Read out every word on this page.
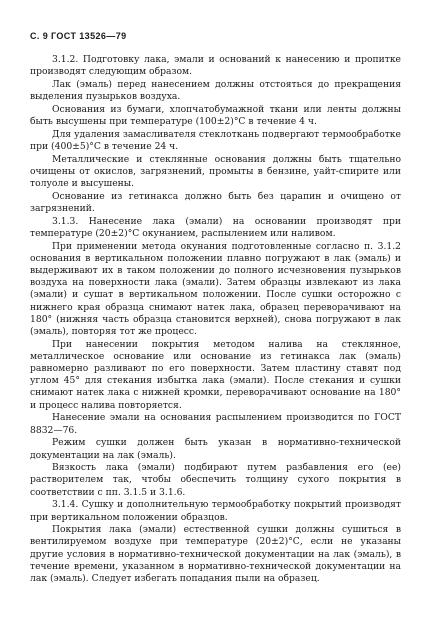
С. 9 ГОСТ 13526—79

3.1.2. Подготовку лака, эмали и оснований к нанесению и пропитке производят следующим образом.

Лак (эмаль) перед нанесением должны отстояться до прекращения выделения пузырьков воздуха.

Основания из бумаги, хлопчатобумажной ткани или ленты должны быть высушены при температуре (100±2)°С в течение 4 ч.

Для удаления замасливателя стеклоткань подвергают термообработке при (400±5)°С в течение 24 ч.

Металлические и стеклянные основания должны быть тщательно очищены от окислов, загрязнений, промыты в бензине, уайт-спирите или толуоле и высушены.

Основание из гетинакса должно быть без царапин и очищено от загрязнений.

3.1.3. Нанесение лака (эмали) на основании производят при температуре (20±2)°С окунанием, распылением или наливом.

При применении метода окунания подготовленные согласно п. 3.1.2 основания в вертикальном положении плавно погружают в лак (эмаль) и выдерживают их в таком положении до полного исчезновения пузырьков воздуха на поверхности лака (эмали). Затем образцы извлекают из лака (эмали) и сушат в вертикальном положении. После сушки осторожно с нижнего края образца снимают натек лака, образец переворачивают на 180° (нижняя часть образца становится верхней), снова погружают в лак (эмаль), повторяя тот же процесс.

При нанесении покрытия методом налива на стеклянное, металлическое основание или основание из гетинакса лак (эмаль) равномерно разливают по его поверхности. Затем пластину ставят под углом 45° для стекания избытка лака (эмали). После стекания и сушки снимают натек лака с нижней кромки, переворачивают основание на 180° и процесс налива повторяется.

Нанесение эмали на основания распылением производится по ГОСТ 8832—76.

Режим сушки должен быть указан в нормативно-технической документации на лак (эмаль).

Вязкость лака (эмали) подбирают путем разбавления его (ее) растворителем так, чтобы обеспечить толщину сухого покрытия в соответствии с пп. 3.1.5 и 3.1.6.

3.1.4. Сушку и дополнительную термообработку покрытий производят при вертикальном положении образцов.

Покрытия лака (эмали) естественной сушки должны сушиться в вентилируемом воздухе при температуре (20±2)°С, если не указаны другие условия в нормативно-технической документации на лак (эмаль), в течение времени, указанном в нормативно-технической документации на лак (эмаль). Следует избегать попадания пыли на образец.
